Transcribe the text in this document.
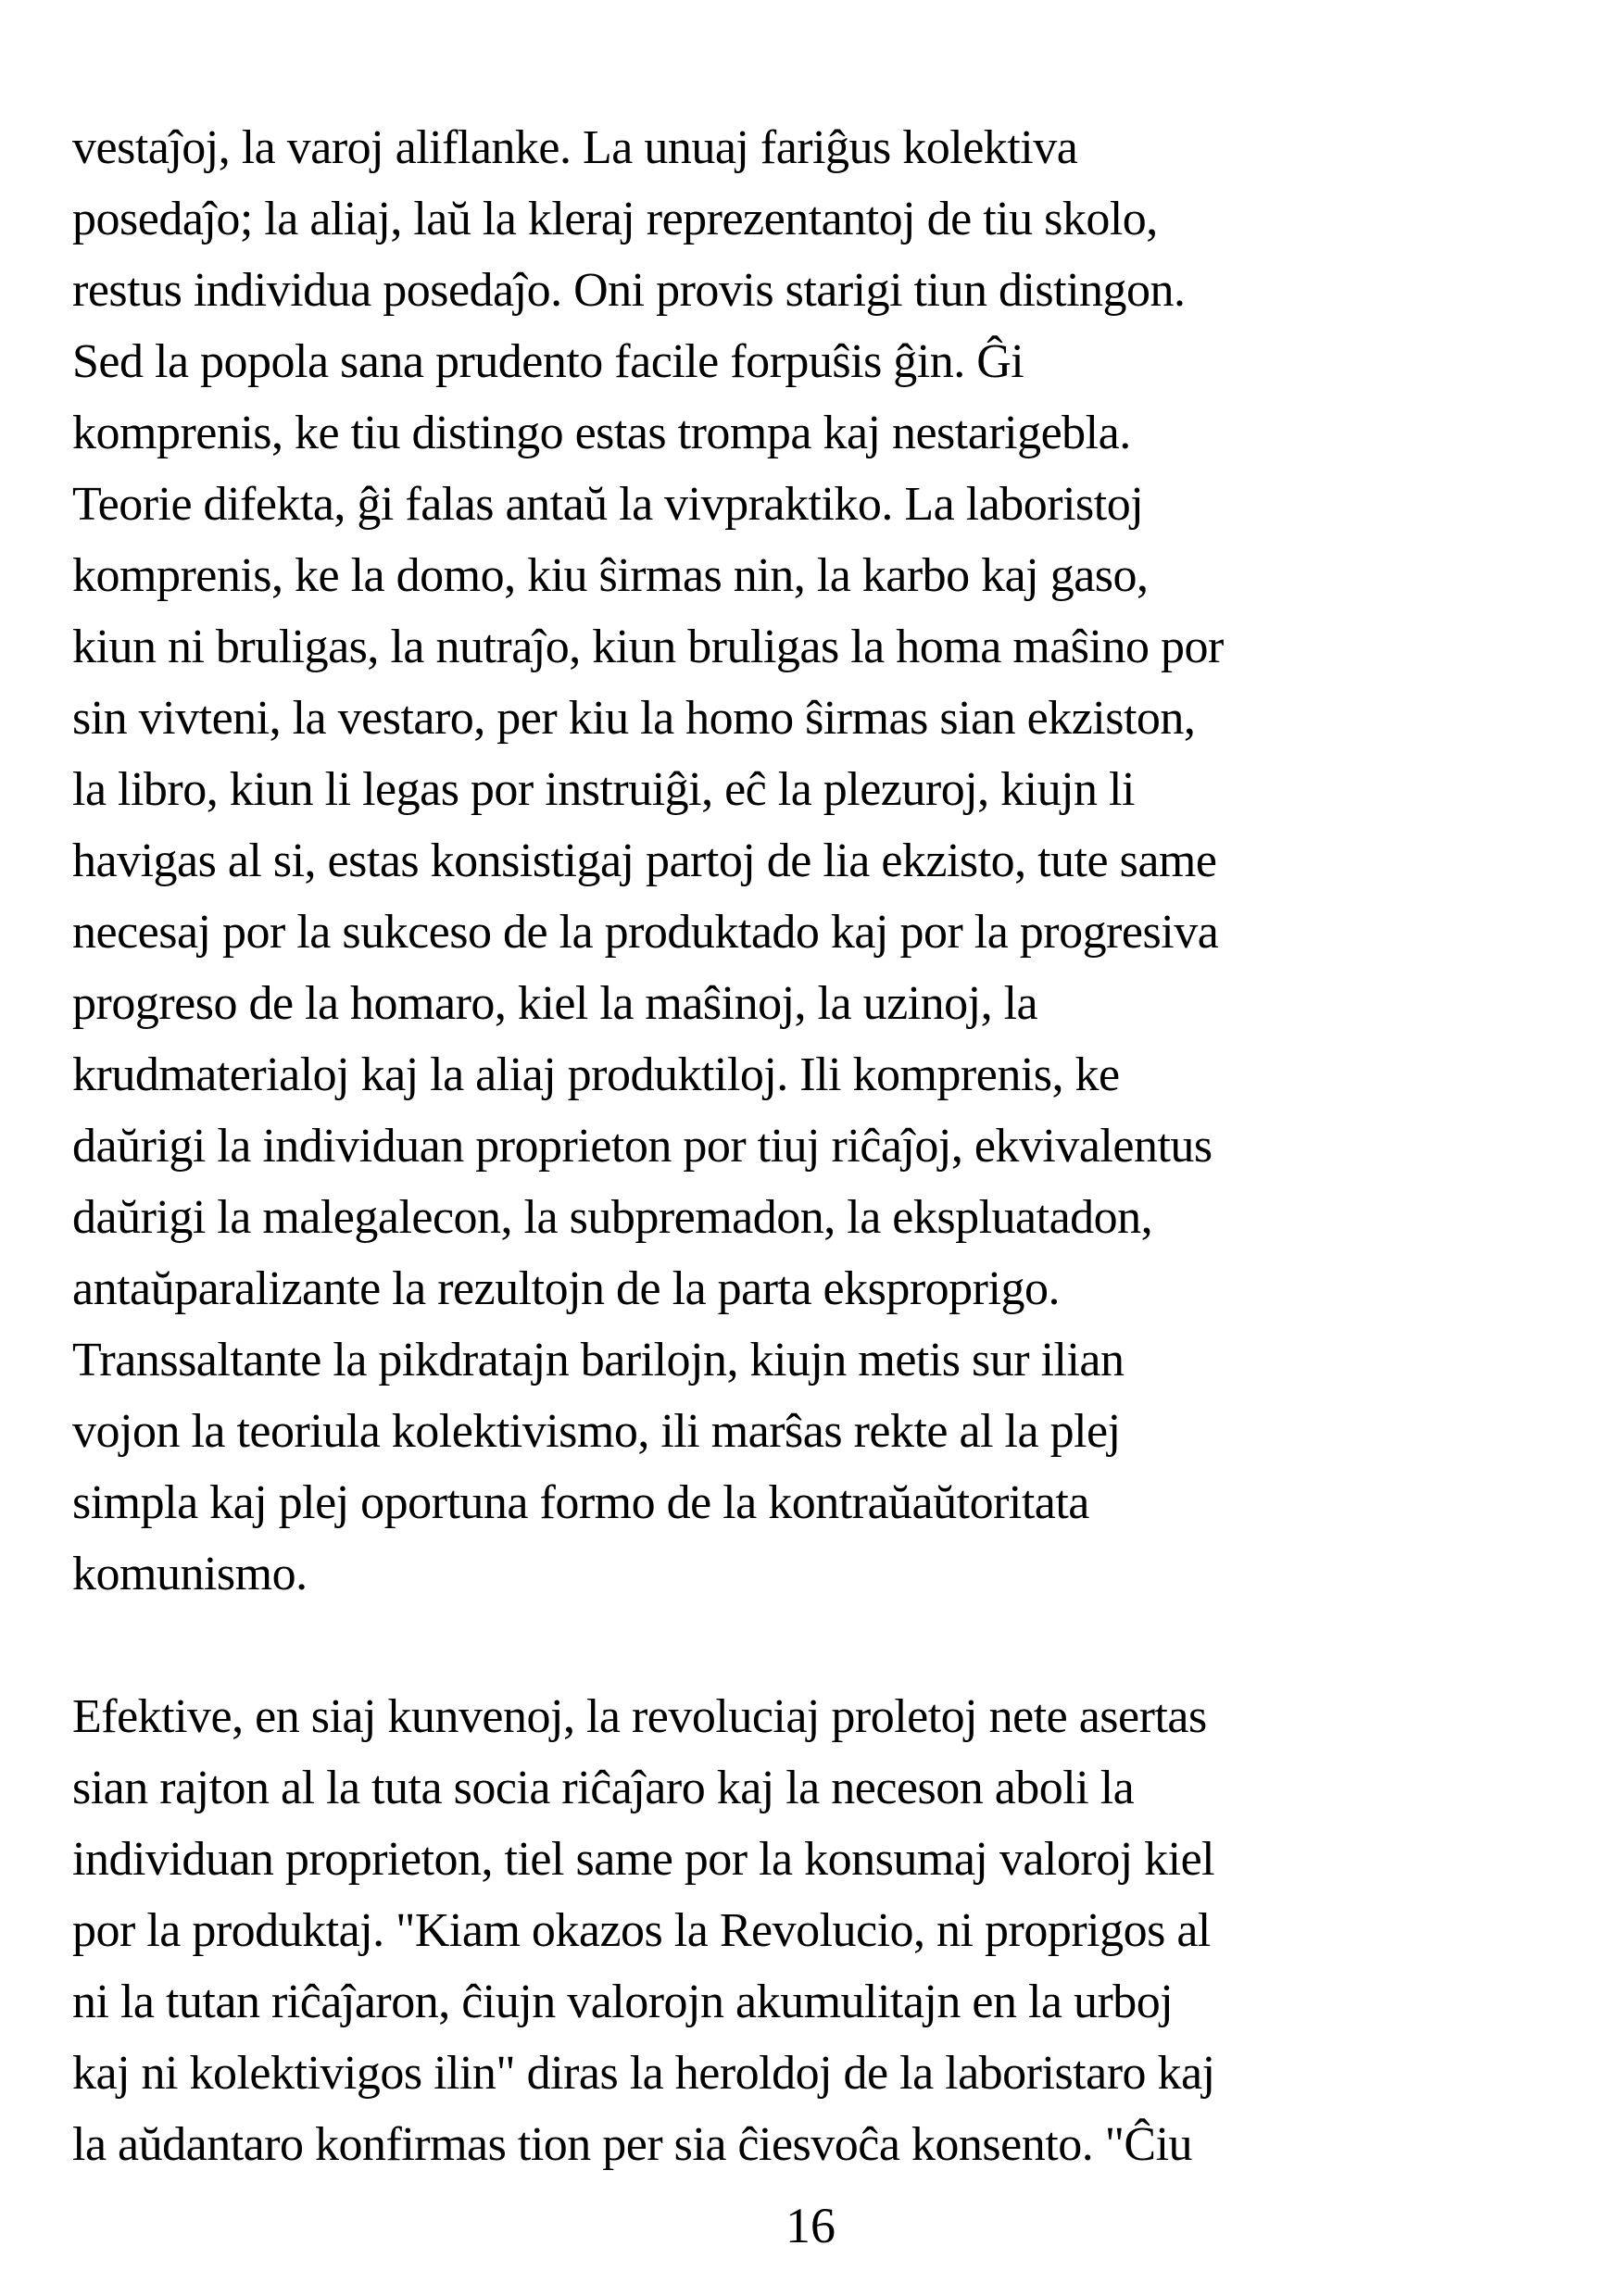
vestaĵoj, la varoj aliflanke. La unuaj fariĝus kolektiva
posedaĵo; la aliaj, laŭ la kleraj reprezentantoj de tiu skolo,
restus individua posedaĵo. Oni provis starigi tiun distingon.
Sed la popola sana prudento facile forpuŝis ĝin. Ĝi
komprenis, ke tiu distingo estas trompa kaj nestarigebla.
Teorie difekta, ĝi falas antaŭ la vivpraktiko. La laboristoj
komprenis, ke la domo, kiu ŝirmas nin, la karbo kaj gaso,
kiun ni bruligas, la nutraĵo, kiun bruligas la homa maŝino por
sin vivteni, la vestaro, per kiu la homo ŝirmas sian ekziston,
la libro, kiun li legas por instruiĝi, eĉ la plezuroj, kiujn li
havigas al si, estas konsistigaj partoj de lia ekzisto, tute same
necesaj por la sukceso de la produktado kaj por la progresiva
progreso de la homaro, kiel la maŝinoj, la uzinoj, la
krudmaterialoj kaj la aliaj produktiloj. Ili komprenis, ke
daŭrigi la individuan proprieton por tiuj riĉaĵoj, ekvivalentus
daŭrigi la malegalecon, la subpremadon, la ekspluatadon,
antaŭparalizante la rezultojn de la parta eksproprigo.
Transsaltante la pikdratajn barilojn, kiujn metis sur ilian
vojon la teoriula kolektivismo, ili marŝas rekte al la plej
simpla kaj plej oportuna formo de la kontraŭaŭtoritata
komunismo.
Efektive, en siaj kunvenoj, la revoluciaj proletoj nete asertas
sian rajton al la tuta socia riĉaĵaro kaj la neceson aboli la
individuan proprieton, tiel same por la konsumaj valoroj kiel
por la produktaj. "Kiam okazos la Revolucio, ni proprigos al
ni la tutan riĉaĵaron, ĉiujn valorojn akumulitajn en la urboj
kaj ni kolektivigos ilin" diras la heroldoj de la laboristaro kaj
la aŭdantaro konfirmas tion per sia ĉiesvoĉa konsento. "Ĉiu
16
